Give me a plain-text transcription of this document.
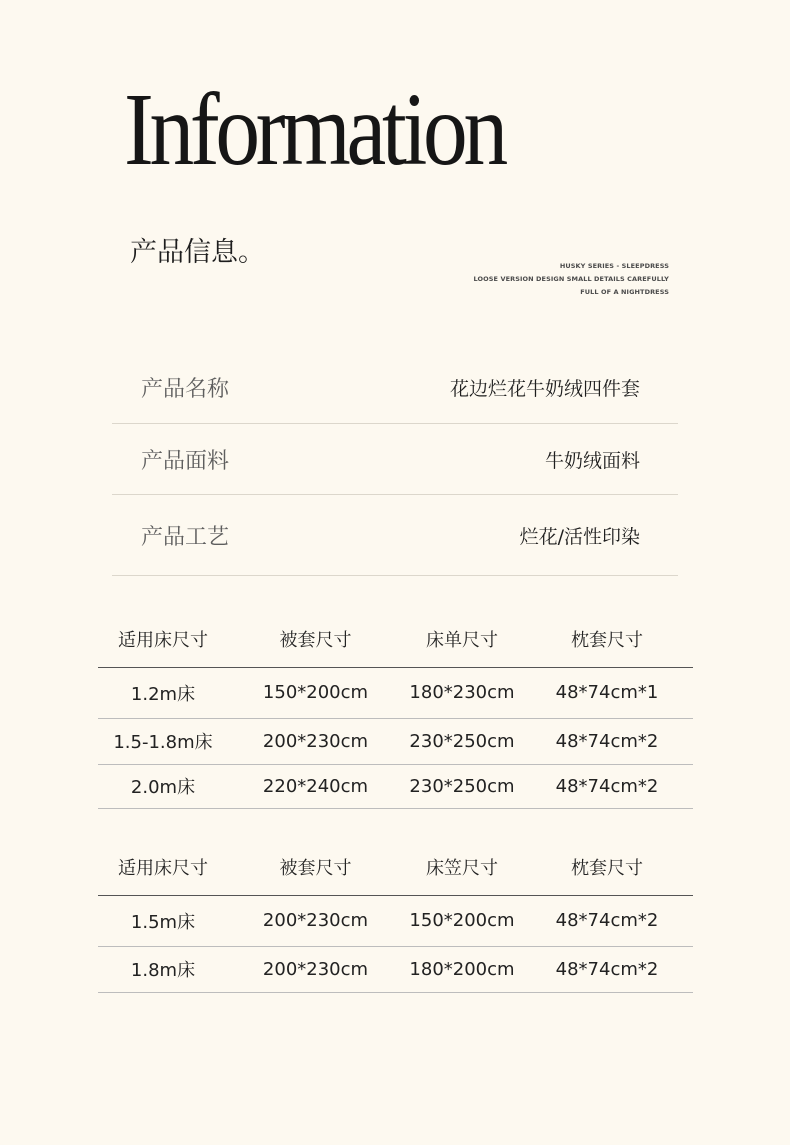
Information
产品信息。	HUSKY SERIES - SLEEPDRESS
LOOSE VERSION DESIGN SMALL DETAILS CAREFULLY
FULL OF A NIGHTDRESS
产品名称	花边烂花牛奶绒四件套
产品面料	牛奶绒面料
产品工艺	烂花/活性印染
适用床尺寸	被套尺寸	床单尺寸	枕套尺寸
1.2m床	150*200cm	180*230cm	48*74cm*1
1.5-1.8m床	200*230cm	230*250cm	48*74cm*2
2.0m床	220*240cm	230*250cm	48*74cm*2
适用床尺寸	被套尺寸	床笠尺寸	枕套尺寸
1.5m床	200*230cm	150*200cm	48*74cm*2
1.8m床	200*230cm	180*200cm	48*74cm*2
